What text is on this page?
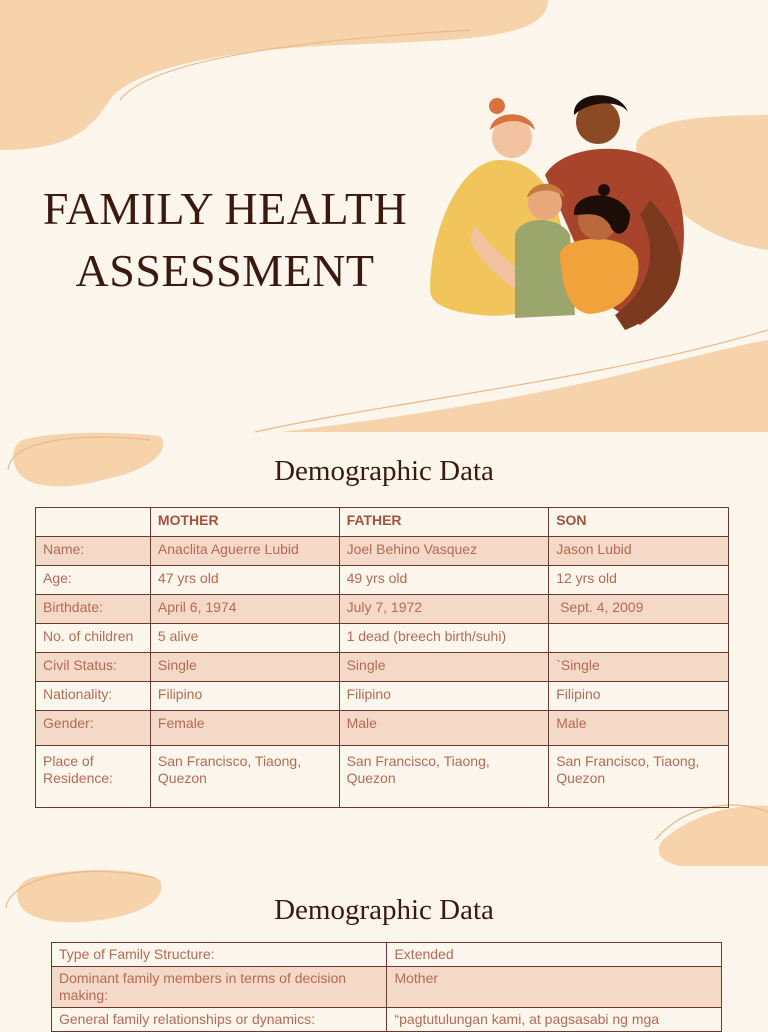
FAMILY HEALTH
ASSESSMENT
Demographic Data
	MOTHER	FATHER	SON
Name:	Anaclita Aguerre Lubid	Joel Behino Vasquez	Jason Lubid
Age:	47 yrs old	49 yrs old	12 yrs old
Birthdate:	April 6, 1974	July 7, 1972	Sept. 4, 2009
No. of children	5 alive	1 dead (breech birth/suhi)	
Civil Status:	Single	Single	`Single
Nationality:	Filipino	Filipino	Filipino
Gender:	Female	Male	Male
Place of Residence:	San Francisco, Tiaong, Quezon	San Francisco, Tiaong, Quezon	San Francisco, Tiaong, Quezon
Demographic Data
Type of Family Structure:	Extended
Dominant family members in terms of decision making:	Mother
General family relationships or dynamics:	“pagtutulungan kami, at pagsasabi ng mga
